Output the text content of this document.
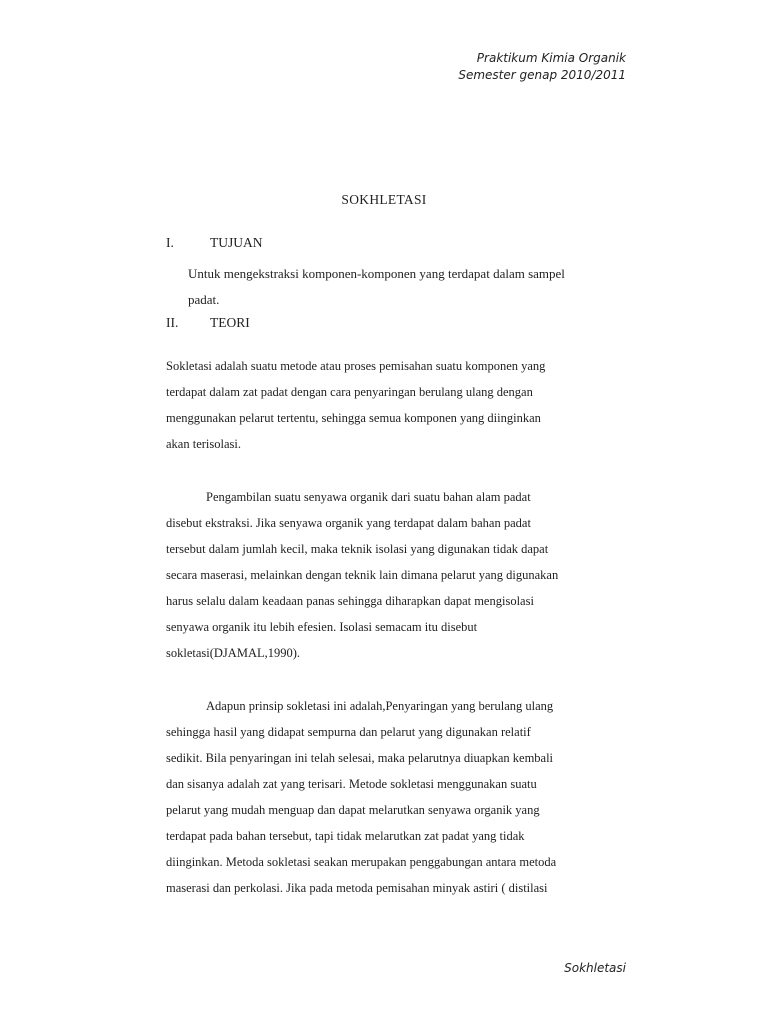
Praktikum Kimia Organik
Semester genap 2010/2011
SOKHLETASI
I.	TUJUAN
Untuk mengekstraksi komponen-komponen yang terdapat dalam sampel
padat.
II. TEORI
Sokletasi adalah suatu metode atau proses pemisahan suatu komponen yang
terdapat dalam zat padat dengan cara penyaringan berulang ulang dengan
menggunakan pelarut tertentu, sehingga semua komponen yang diinginkan
akan terisolasi.
Pengambilan suatu senyawa organik dari suatu bahan alam padat
disebut ekstraksi. Jika senyawa organik yang terdapat dalam bahan padat
tersebut dalam jumlah kecil, maka teknik isolasi yang digunakan tidak dapat
secara maserasi, melainkan dengan teknik lain dimana pelarut yang digunakan
harus selalu dalam keadaan panas sehingga diharapkan dapat mengisolasi
senyawa organik itu lebih efesien. Isolasi semacam itu disebut
sokletasi(DJAMAL,1990).
Adapun prinsip sokletasi ini adalah,Penyaringan yang berulang ulang
sehingga hasil yang didapat sempurna dan pelarut yang digunakan relatif
sedikit. Bila penyaringan ini telah selesai, maka pelarutnya diuapkan kembali
dan sisanya adalah zat yang terisari. Metode sokletasi menggunakan suatu
pelarut yang mudah menguap dan dapat melarutkan senyawa organik yang
terdapat pada bahan tersebut, tapi tidak melarutkan zat padat yang tidak
diinginkan. Metoda sokletasi seakan merupakan penggabungan antara metoda
maserasi dan perkolasi. Jika pada metoda pemisahan minyak astiri ( distilasi
Sokhletasi
